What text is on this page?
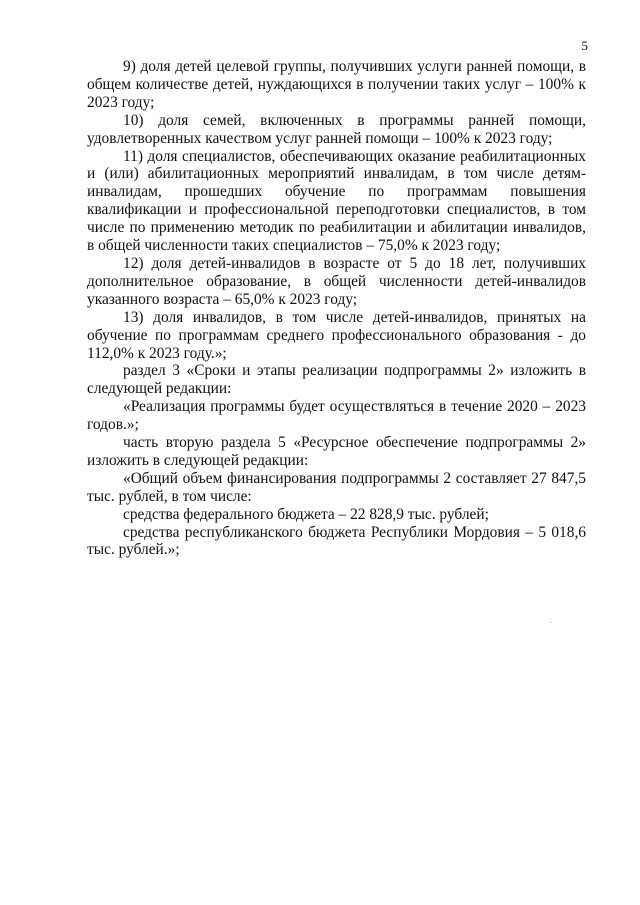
5

9) доля детей целевой группы, получивших услуги ранней помощи, в общем количестве детей, нуждающихся в получении таких услуг – 100% к 2023 году;

10) доля семей, включенных в программы ранней помощи, удовлетворенных качеством услуг ранней помощи – 100% к 2023 году;

11) доля специалистов, обеспечивающих оказание реабилитационных и (или) абилитационных мероприятий инвалидам, в том числе детям-инвалидам, прошедших обучение по программам повышения квалификации и профессиональной переподготовки специалистов, в том числе по применению методик по реабилитации и абилитации инвалидов, в общей численности таких специалистов – 75,0% к 2023 году;

12) доля детей-инвалидов в возрасте от 5 до 18 лет, получивших дополнительное образование, в общей численности детей-инвалидов указанного возраста – 65,0% к 2023 году;

13) доля инвалидов, в том числе детей-инвалидов, принятых на обучение по программам среднего профессионального образования - до 112,0% к 2023 году.»;

раздел 3 «Сроки и этапы реализации подпрограммы 2» изложить в следующей редакции:

«Реализация программы будет осуществляться в течение 2020 – 2023 годов.»;

часть вторую раздела 5 «Ресурсное обеспечение подпрограммы 2» изложить в следующей редакции:

«Общий объем финансирования подпрограммы 2 составляет 27 847,5 тыс. рублей, в том числе:

средства федерального бюджета – 22 828,9 тыс. рублей;

средства республиканского бюджета Республики Мордовия – 5 018,6 тыс. рублей.»;
